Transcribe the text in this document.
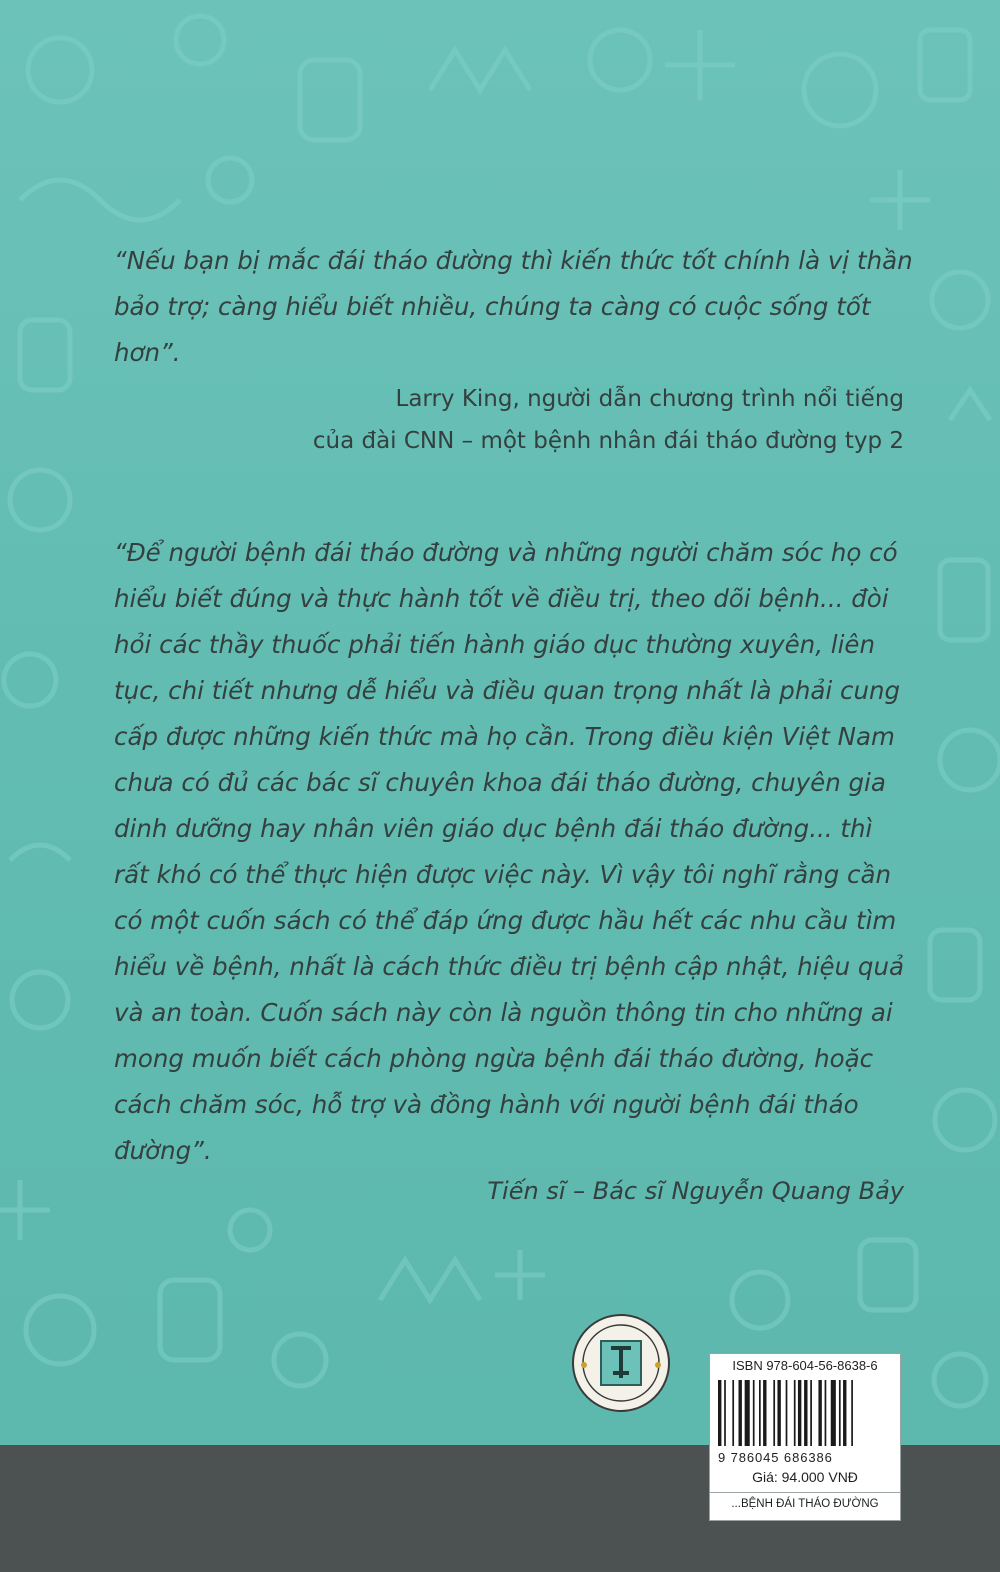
“Nếu bạn bị mắc đái tháo đường thì kiến thức tốt chính là vị thần bảo trợ; càng hiểu biết nhiều, chúng ta càng có cuộc sống tốt hơn”.

Larry King, người dẫn chương trình nổi tiếng
của đài CNN – một bệnh nhân đái tháo đường typ 2

“Để người bệnh đái tháo đường và những người chăm sóc họ có hiểu biết đúng và thực hành tốt về điều trị, theo dõi bệnh... đòi hỏi các thầy thuốc phải tiến hành giáo dục thường xuyên, liên tục, chi tiết nhưng dễ hiểu và điều quan trọng nhất là phải cung cấp được những kiến thức mà họ cần. Trong điều kiện Việt Nam chưa có đủ các bác sĩ chuyên khoa đái tháo đường, chuyên gia dinh dưỡng hay nhân viên giáo dục bệnh đái tháo đường... thì rất khó có thể thực hiện được việc này. Vì vậy tôi nghĩ rằng cần có một cuốn sách có thể đáp ứng được hầu hết các nhu cầu tìm hiểu về bệnh, nhất là cách thức điều trị bệnh cập nhật, hiệu quả và an toàn. Cuốn sách này còn là nguồn thông tin cho những ai mong muốn biết cách phòng ngừa bệnh đái tháo đường, hoặc cách chăm sóc, hỗ trợ và đồng hành với người bệnh đái tháo đường”.

Tiến sĩ – Bác sĩ Nguyễn Quang Bảy

ISBN 978-604-56-8638-6
9 786045 686386
Giá: 94.000 VNĐ
...BỆNH ĐÁI THÁO ĐƯỜNG
